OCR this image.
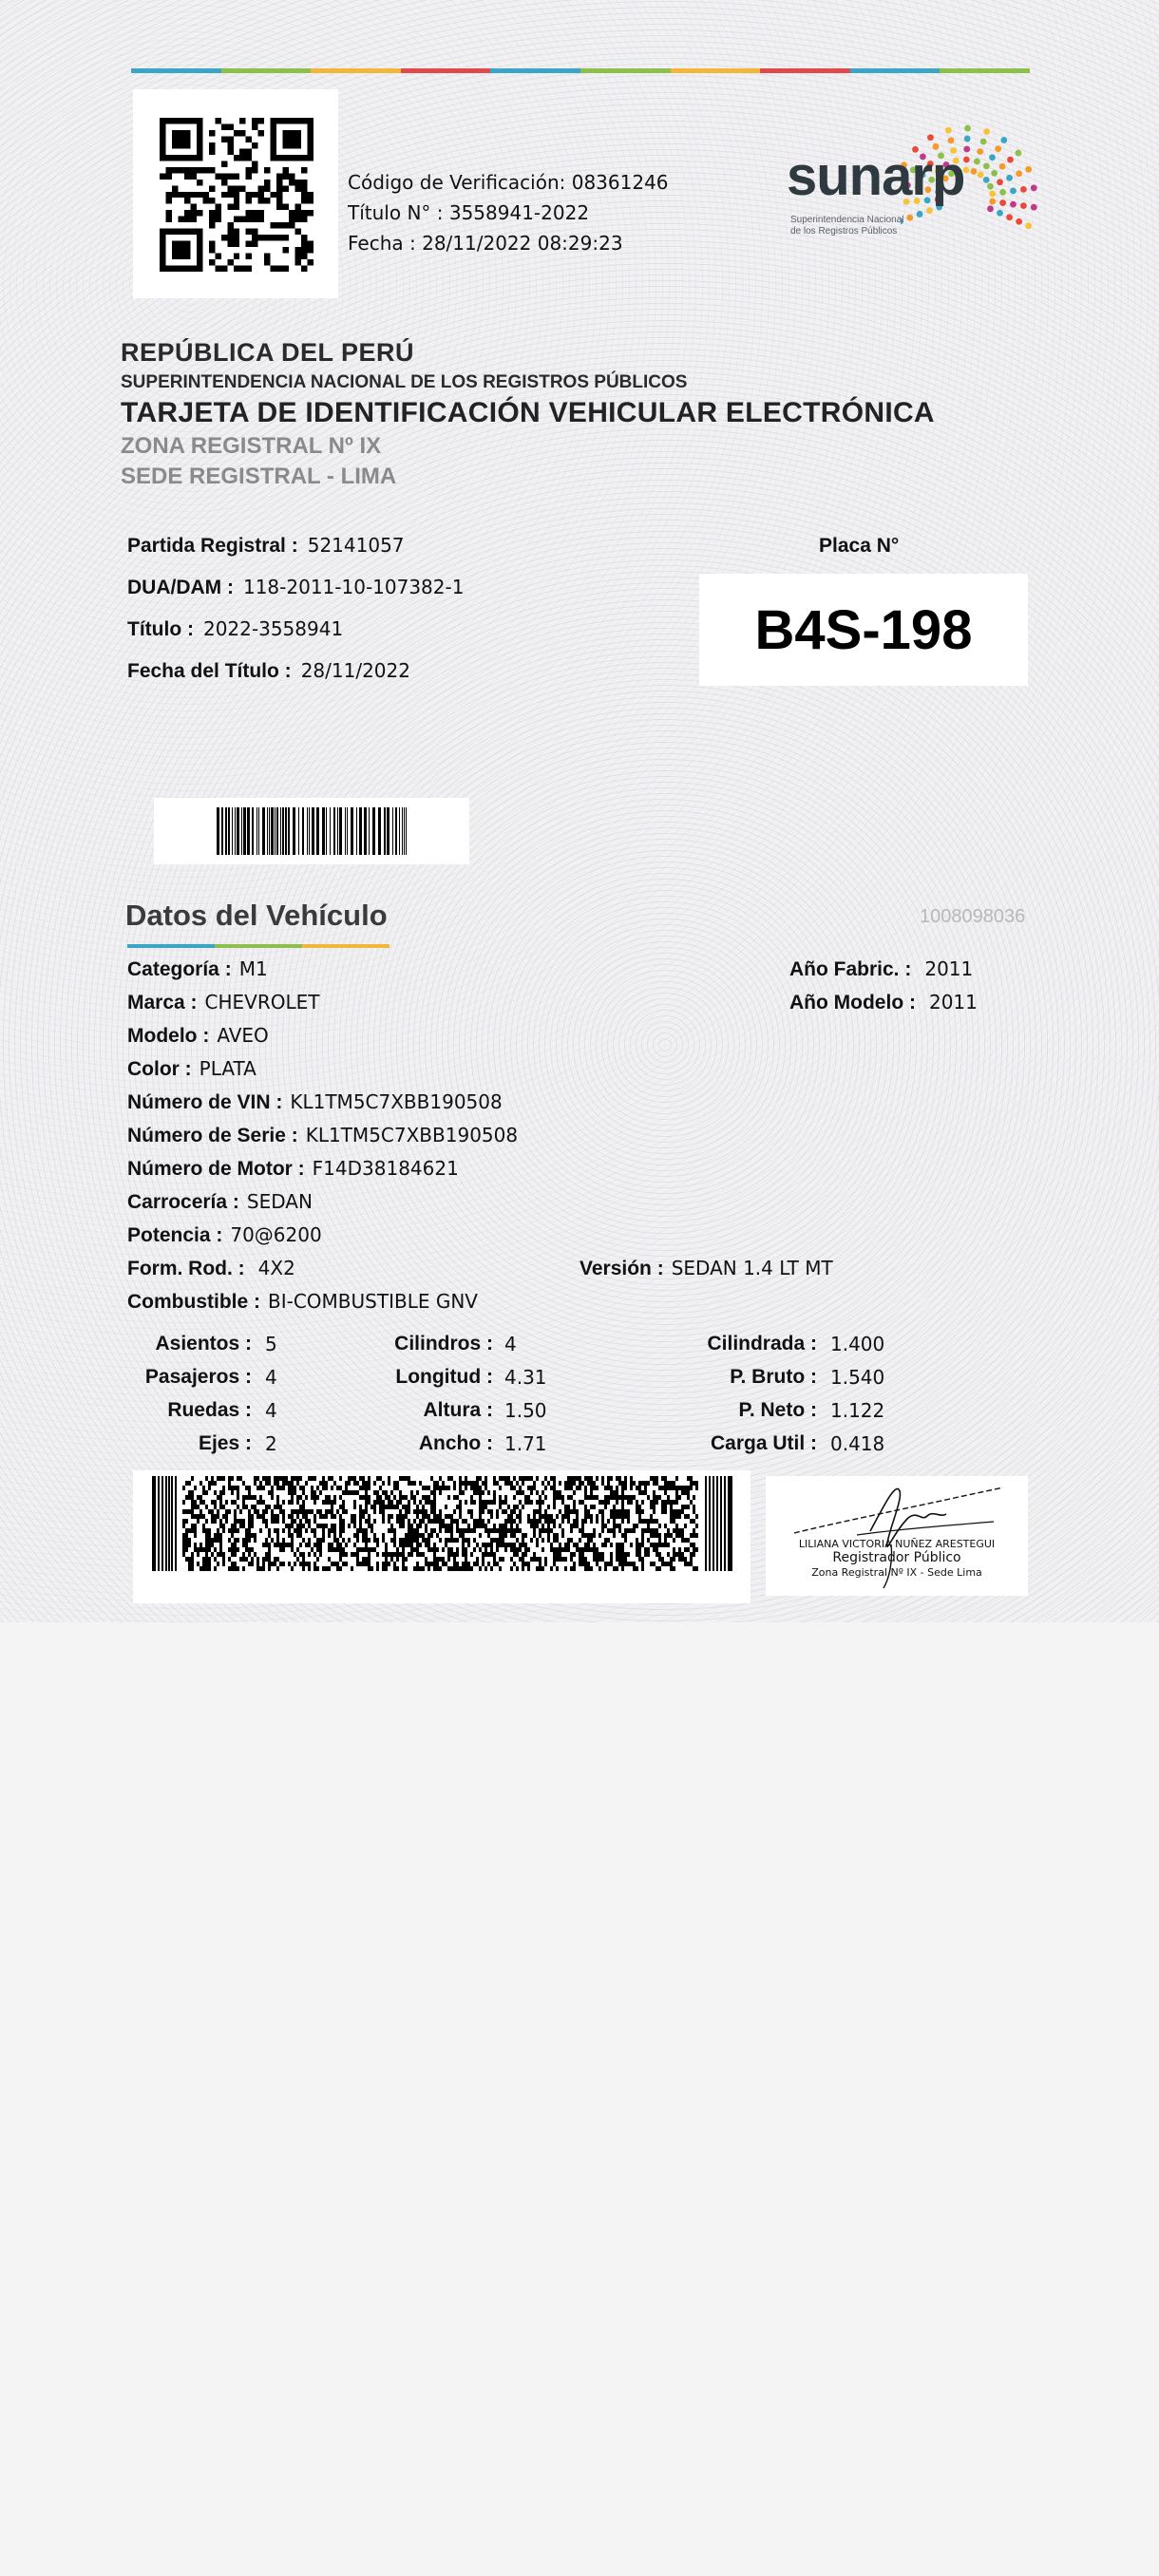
Código de Verificación: 08361246
Título N° : 3558941-2022
Fecha : 28/11/2022 08:29:23
sunarp
Superintendencia Nacional
de los Registros Públicos
REPÚBLICA DEL PERÚ
SUPERINTENDENCIA NACIONAL DE LOS REGISTROS PÚBLICOS
TARJETA DE IDENTIFICACIÓN VEHICULAR ELECTRÓNICA
ZONA REGISTRAL Nº IX
SEDE REGISTRAL - LIMA
Partida Registral : 52141057
DUA/DAM : 118-2011-10-107382-1
Título : 2022-3558941
Fecha del Título : 28/11/2022
Placa N°
B4S-198
Datos del Vehículo	1008098036
Categoría : M1
Marca : CHEVROLET
Modelo : AVEO
Color : PLATA
Número de VIN : KL1TM5C7XBB190508
Número de Serie : KL1TM5C7XBB190508
Número de Motor : F14D38184621
Carrocería : SEDAN
Potencia : 70@6200
Form. Rod. : 4X2	Versión : SEDAN 1.4 LT MT
Combustible : BI-COMBUSTIBLE GNV
Año Fabric. : 2011
Año Modelo : 2011
Asientos : 5
Pasajeros : 4
Ruedas : 4
Ejes : 2
Cilindros : 4
Longitud : 4.31
Altura : 1.50
Ancho : 1.71
Cilindrada : 1.400
P. Bruto : 1.540
P. Neto : 1.122
Carga Util : 0.418
LILIANA VICTORIA NUÑEZ ARESTEGUI
Registrador Público
Zona Registral Nº IX - Sede Lima
